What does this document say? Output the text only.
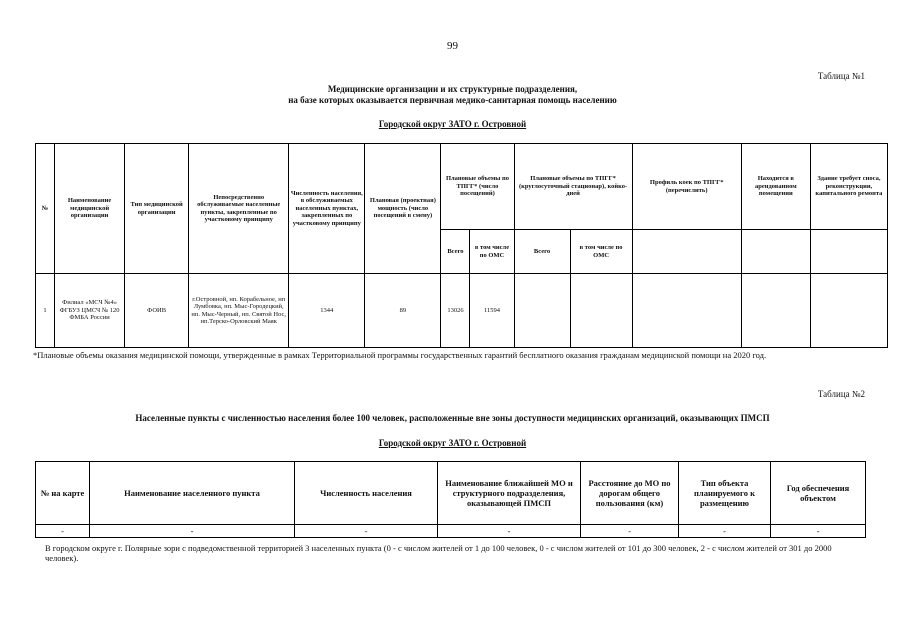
99
Таблица №1
Медицинские организации и их структурные подразделения,
на базе которых оказывается первичная медико-санитарная помощь населению
Городской округ ЗАТО г. Островной
№	Наименование медицинской организации	Тип медицинской организации	Непосредственно обслуживаемые населенные пункты, закрепленные по участковому принципу	Численность населения, в обслуживаемых населенных пунктах, закрепленных по участковому принципу	Плановая (проектная) мощность (число посещений в смену)	Плановые объемы по ТПГГ* (число посещений)		Плановые объемы по ТПГГ* (круглосуточный стационар), койко-дней		Профиль коек по ТПГГ* (перечислить)	Находится в арендованном помещении	Здание требует сноса, реконструкции, капитального ремонта
						Всего	в том числе по ОМС	Всего	в том числе по ОМС			
1	Филиал «МСЧ №4» ФГБУЗ ЦМСЧ № 120 ФМБА России	ФОИВ	г.Островной, нп. Корабельное, нп Лумбовка, нп. Мыс-Городецкий, нп. Мыс-Черный, нп. Святой Нос, нп.Терско-Орловский Маяк	1344	89	13026	11594					
*Плановые объемы оказания медицинской помощи, утвержденные в рамках Территориальной программы государственных гарантий бесплатного оказания гражданам медицинской помощи на 2020 год.
Таблица №2
Населенные пункты с численностью населения более 100 человек, расположенные вне зоны доступности медицинских организаций, оказывающих ПМСП
Городской округ ЗАТО г. Островной
№ на карте	Наименование населенного пункта	Численность населения	Наименование ближайшей МО и структурного подразделения, оказывающей ПМСП	Расстояние до МО по дорогам общего пользования (км)	Тип объекта планируемого к размещению	Год обеспечения объектом
-	-	-	-	-	-	-
В городском округе г. Полярные зори с подведомственной территорией 3 населенных пункта (0 - с числом жителей от 1 до 100 человек, 0 - с числом жителей от 101 до 300 человек, 2 - с числом жителей от 301 до 2000 человек).
